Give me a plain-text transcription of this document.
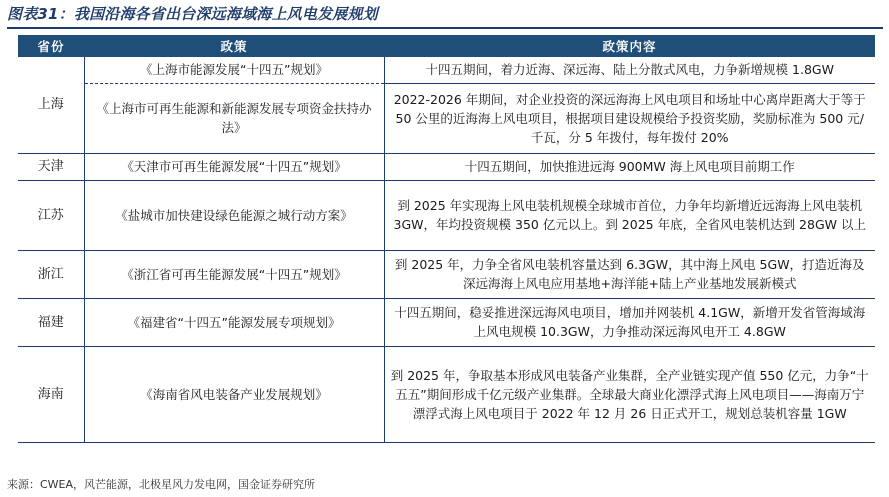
图表31：我国沿海各省出台深远海域海上风电发展规划
省份	政策	政策内容
上海	《上海市能源发展“十四五”规划》	十四五期间，着力近海、深远海、陆上分散式风电，力争新增规模 1.8GW
	《上海市可再生能源和新能源发展专项资金扶持办法》	2022-2026 年期间，对企业投资的深远海海上风电项目和场址中心离岸距离大于等于 50 公里的近海海上风电项目，根据项目建设规模给予投资奖励，奖励标准为 500 元/千瓦，分 5 年拨付，每年拨付 20%
天津	《天津市可再生能源发展“十四五”规划》	十四五期间，加快推进远海 900MW 海上风电项目前期工作
江苏	《盐城市加快建设绿色能源之城行动方案》	到 2025 年实现海上风电装机规模全球城市首位，力争年均新增近远海海上风电装机 3GW，年均投资规模 350 亿元以上。到 2025 年底，全省风电装机达到 28GW 以上
浙江	《浙江省可再生能源发展“十四五”规划》	到 2025 年，力争全省风电装机容量达到 6.3GW，其中海上风电 5GW，打造近海及深远海海上风电应用基地+海洋能+陆上产业基地发展新模式
福建	《福建省“十四五”能源发展专项规划》	十四五期间，稳妥推进深远海风电项目，增加并网装机 4.1GW，新增开发省管海域海上风电规模 10.3GW，力争推动深远海风电开工 4.8GW
海南	《海南省风电装备产业发展规划》	到 2025 年，争取基本形成风电装备产业集群，全产业链实现产值 550 亿元，力争“十五五”期间形成千亿元级产业集群。全球最大商业化漂浮式海上风电项目——海南万宁漂浮式海上风电项目于 2022 年 12 月 26 日正式开工，规划总装机容量 1GW
来源：CWEA，风芒能源，北极星风力发电网，国金证券研究所
